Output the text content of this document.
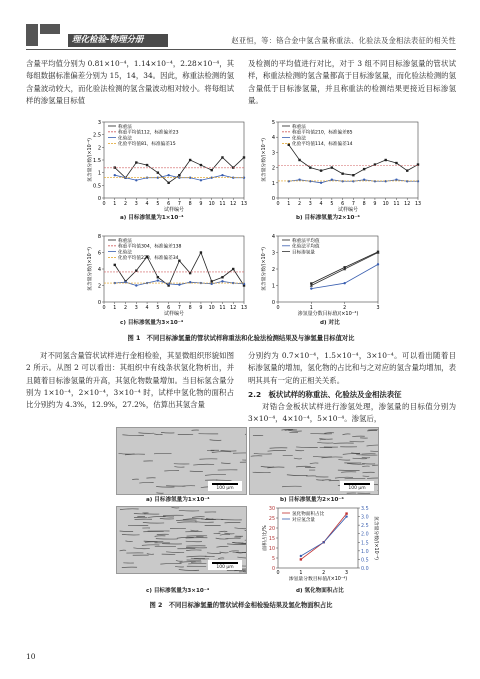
理化检验-物理分册	赵亚恒，等：铬合金中氢含量称重法、化验法及金相法表征的相关性

含量平均值分别为 0.81×10⁻⁴，1.14×10⁻⁴，2.28×10⁻⁴，其每组数据标准偏差分别为 15，14，34。因此，称重法检测的氢含量波动较大，而化验法检测的氢含量波动相对较小。将每组试样的渗氢量目标值

及检测的平均值进行对比，对于 3 组不同目标渗氢量的管状试样，称重法检测的氢含量都高于目标渗氢量，而化验法检测的氢含量低于目标渗氢量，并且称重法的检测结果更接近目标渗氢量。

0
0.5
1
1.5
2
2.5
3
0 1 2 3 4 5 6 7 8 9 10 11 12 13
试样编号
氢含量分数/(×10⁻⁴)
称重法
称重平均值112，标准偏差23
化验法
化验平均值81，标准偏差15
0
1
2
3
4
5
0 1 2 3 4 5 6 7 8 9 10 11 12 13
试样编号
氢含量分数/(×10⁻⁴)
称重法
称重平均值210，标准偏差85
化验法
化验平均值114，标准偏差14
0
2
4
6
8
0 1 2 3 4 5 6 7 8 9 10 11 12 13
试样编号
氢含量分数/(×10⁻⁴)
称重法
称重平均值304，标准偏差138
化验法
化验平均值228，标准偏差34
0
1
2
3
4
0	1	2	3
渗氢量分数目标值/(×10⁻⁴)
氢含量分数/(×10⁻⁴)
称重法平均值
化验法平均值
目标渗氢量
a) 目标渗氢量为1×10⁻⁴	b) 目标渗氢量为2×10⁻⁴
c) 目标渗氢量为3×10⁻⁴	d) 对比
图 1　不同目标渗氢量的管状试样称重法和化验法检测结果及与渗氢量目标值对比

对不同氢含量管状试样进行金相检验，其显微组织形貌如图 2 所示。从图 2 可以看出：其组织中有线条状氢化物析出，并且随着目标渗氢量的升高，其氢化物数量增加。当目标氢含量分别为 1×10⁻⁴，2×10⁻⁴，3×10⁻⁴ 时，试样中氢化物的面积占比分别约为 4.3%，12.9%，27.2%，估算出其氢含量

分别约为 0.7×10⁻⁴，1.5×10⁻⁴，3×10⁻⁴。可以看出随着目标渗氢量的增加，氢化物的占比和与之对应的氢含量均增加，表明其具有一定的正相关关系。

2.2　板状试样的称重法、化验法及金相法表征

对锆合金板状试样进行渗氢处理，渗氢量的目标值分别为 3×10⁻⁴，4×10⁻⁴，5×10⁻⁴。渗氢后，

100 μm
a) 目标渗氢量为1×10⁻⁴
100 μm
b) 目标渗氢量为2×10⁻⁴
100 μm
c) 目标渗氢量为3×10⁻⁴
0
5
10
15
20
25
30
0.0
0.5
1.0
1.5
2.0
2.5
3.0
3.5
0	1	2	3
渗氢量分数目标值/(×10⁻⁴)
面积占比/%	氢含量分数/(×10⁻⁴)
氢化物面积占比
对应氢含量
d) 氢化物面积占比
图 2　不同目标渗氢量的管状试样金相检验结果及氢化物面积占比
10
